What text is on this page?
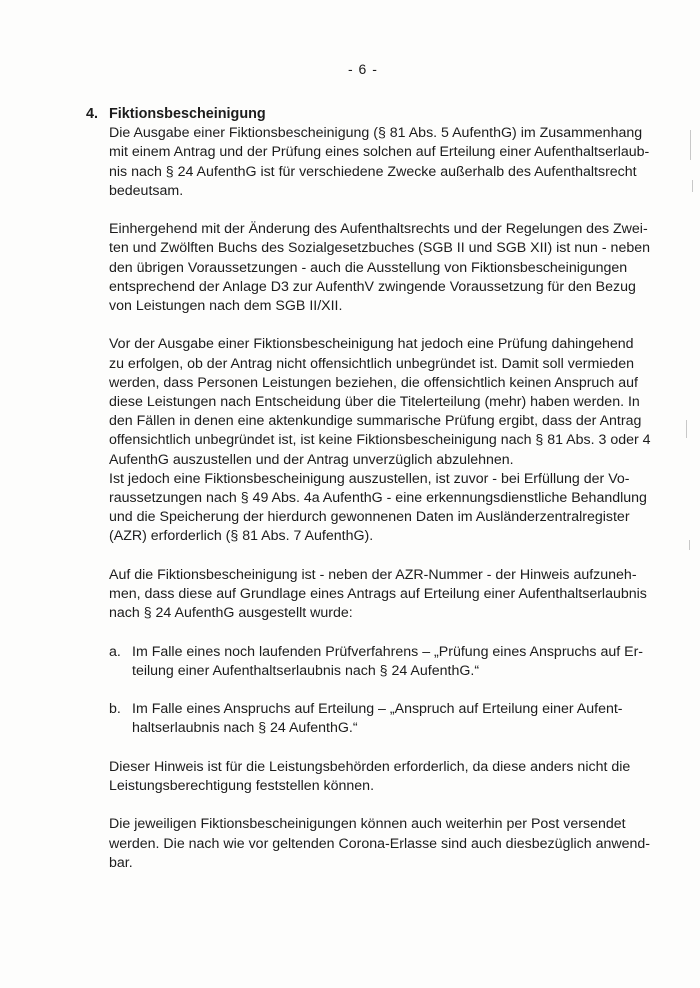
- 6 -
4. Fiktionsbescheinigung
Die Ausgabe einer Fiktionsbescheinigung (§ 81 Abs. 5 AufenthG) im Zusammenhang
mit einem Antrag und der Prüfung eines solchen auf Erteilung einer Aufenthaltserlaub-
nis nach § 24 AufenthG ist für verschiedene Zwecke außerhalb des Aufenthaltsrecht
bedeutsam.
Einhergehend mit der Änderung des Aufenthaltsrechts und der Regelungen des Zwei-
ten und Zwölften Buchs des Sozialgesetzbuches (SGB II und SGB XII) ist nun - neben
den übrigen Voraussetzungen - auch die Ausstellung von Fiktionsbescheinigungen
entsprechend der Anlage D3 zur AufenthV zwingende Voraussetzung für den Bezug
von Leistungen nach dem SGB II/XII.
Vor der Ausgabe einer Fiktionsbescheinigung hat jedoch eine Prüfung dahingehend
zu erfolgen, ob der Antrag nicht offensichtlich unbegründet ist. Damit soll vermieden
werden, dass Personen Leistungen beziehen, die offensichtlich keinen Anspruch auf
diese Leistungen nach Entscheidung über die Titelerteilung (mehr) haben werden. In
den Fällen in denen eine aktenkundige summarische Prüfung ergibt, dass der Antrag
offensichtlich unbegründet ist, ist keine Fiktionsbescheinigung nach § 81 Abs. 3 oder 4
AufenthG auszustellen und der Antrag unverzüglich abzulehnen.
Ist jedoch eine Fiktionsbescheinigung auszustellen, ist zuvor - bei Erfüllung der Vo-
raussetzungen nach § 49 Abs. 4a AufenthG - eine erkennungsdienstliche Behandlung
und die Speicherung der hierdurch gewonnenen Daten im Ausländerzentralregister
(AZR) erforderlich (§ 81 Abs. 7 AufenthG).
Auf die Fiktionsbescheinigung ist - neben der AZR-Nummer - der Hinweis aufzuneh-
men, dass diese auf Grundlage eines Antrags auf Erteilung einer Aufenthaltserlaubnis
nach § 24 AufenthG ausgestellt wurde:
a. Im Falle eines noch laufenden Prüfverfahrens – „Prüfung eines Anspruchs auf Er-
teilung einer Aufenthaltserlaubnis nach § 24 AufenthG.“
b. Im Falle eines Anspruchs auf Erteilung – „Anspruch auf Erteilung einer Aufent-
haltserlaubnis nach § 24 AufenthG.“
Dieser Hinweis ist für die Leistungsbehörden erforderlich, da diese anders nicht die
Leistungsberechtigung feststellen können.
Die jeweiligen Fiktionsbescheinigungen können auch weiterhin per Post versendet
werden. Die nach wie vor geltenden Corona-Erlasse sind auch diesbezüglich anwend-
bar.
